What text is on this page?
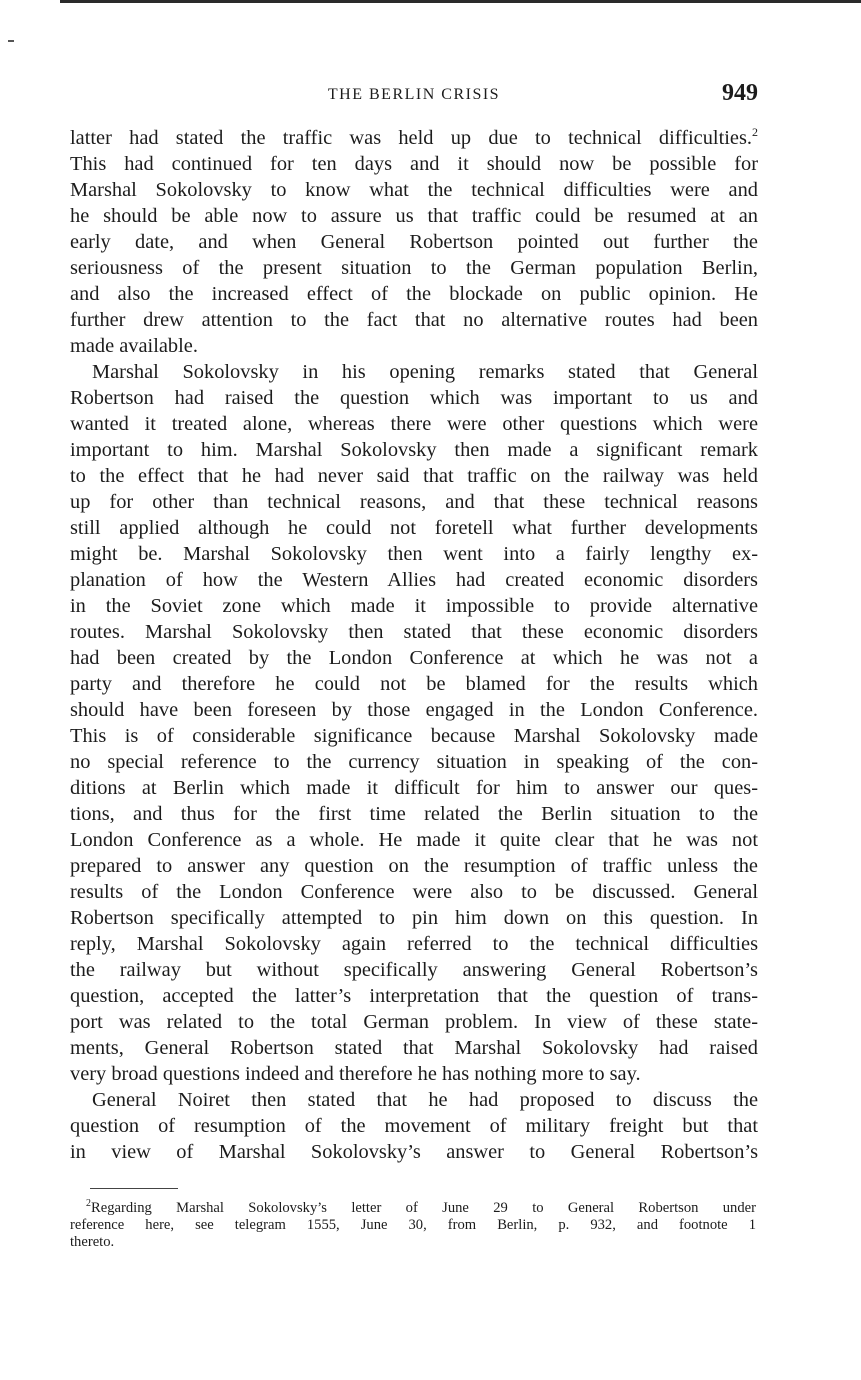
THE BERLIN CRISIS	949
latter had stated the traffic was held up due to technical difficulties.$^2$
This had continued for ten days and it should now be possible for
Marshal Sokolovsky to know what the technical difficulties were and
he should be able now to assure us that traffic could be resumed at an
early date, and when General Robertson pointed out further the
seriousness of the present situation to the German population Berlin,
and also the increased effect of the blockade on public opinion. He
further drew attention to the fact that no alternative routes had been
made available.
Marshal Sokolovsky in his opening remarks stated that General
Robertson had raised the question which was important to us and
wanted it treated alone, whereas there were other questions which were
important to him. Marshal Sokolovsky then made a significant remark
to the effect that he had never said that traffic on the railway was held
up for other than technical reasons, and that these technical reasons
still applied although he could not foretell what further developments
might be. Marshal Sokolovsky then went into a fairly lengthy ex-
planation of how the Western Allies had created economic disorders
in the Soviet zone which made it impossible to provide alternative
routes. Marshal Sokolovsky then stated that these economic disorders
had been created by the London Conference at which he was not a
party and therefore he could not be blamed for the results which
should have been foreseen by those engaged in the London Conference.
This is of considerable significance because Marshal Sokolovsky made
no special reference to the currency situation in speaking of the con-
ditions at Berlin which made it difficult for him to answer our ques-
tions, and thus for the first time related the Berlin situation to the
London Conference as a whole. He made it quite clear that he was not
prepared to answer any question on the resumption of traffic unless the
results of the London Conference were also to be discussed. General
Robertson specifically attempted to pin him down on this question. In
reply, Marshal Sokolovsky again referred to the technical difficulties
the railway but without specifically answering General Robertson’s
question, accepted the latter’s interpretation that the question of trans-
port was related to the total German problem. In view of these state-
ments, General Robertson stated that Marshal Sokolovsky had raised
very broad questions indeed and therefore he has nothing more to say.
General Noiret then stated that he had proposed to discuss the
question of resumption of the movement of military freight but that
in view of Marshal Sokolovsky’s answer to General Robertson’s
$^2$Regarding Marshal Sokolovsky’s letter of June 29 to General Robertson under
reference here, see telegram 1555, June 30, from Berlin, p. 932, and footnote 1
thereto.
